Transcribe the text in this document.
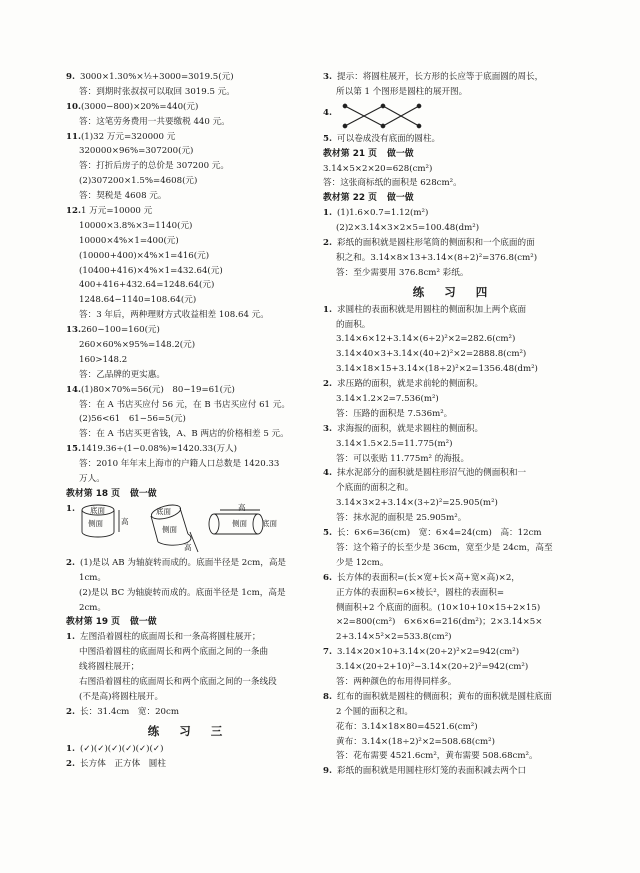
9. 3000×1.30%×½+3000=3019.5(元)
答：到期时张叔叔可以取回 3019.5 元。
10.(3000−800)×20%=440(元)
答：这笔劳务费用一共要缴税 440 元。
11.(1)32 万元=320000 元
320000×96%=307200(元)
答：打折后房子的总价是 307200 元。
(2)307200×1.5%=4608(元)
答：契税是 4608 元。
12.1 万元=10000 元
10000×3.8%×3=1140(元)
10000×4%×1=400(元)
(10000+400)×4%×1=416(元)
(10400+416)×4%×1=432.64(元)
400+416+432.64=1248.64(元)
1248.64−1140=108.64(元)
答：3 年后，两种理财方式收益相差 108.64 元。
13.260−100=160(元)
260×60%×95%=148.2(元)
160>148.2
答：乙品牌的更实惠。
14.(1)80×70%=56(元)　80−19=61(元)
答：在 A 书店买应付 56 元，在 B 书店买应付 61 元。
(2)56<61　61−56=5(元)
答：在 A 书店买更省钱，A、B 两店的价格相差 5 元。
15.1419.36÷(1−0.08%)≈1420.33(万人)
答：2010 年年末上海市的户籍人口总数是 1420.33
万人。
教材第 18 页 做一做
1.	底面
侧面 高
底面
侧面
高
高
侧面 底面
2. (1)是以 AB 为轴旋转而成的。底面半径是 2cm，高是
1cm。
(2)是以 BC 为轴旋转而成的。底面半径是 1cm，高是
2cm。
教材第 19 页 做一做
1. 左图沿着圆柱的底面周长和一条高将圆柱展开；
中图沿着圆柱的底面周长和两个底面之间的一条曲
线将圆柱展开；
右图沿着圆柱的底面周长和两个底面之间的一条线段
(不是高)将圆柱展开。
2. 长：31.4cm　宽：20cm
练 习 三
1. (✓)(✓)(✓)(✓)(✓)(✓)
2. 长方体　正方体　圆柱
3. 提示：将圆柱展开，长方形的长应等于底面圆的周长，
所以第 1 个图形是圆柱的展开图。
4.
5. 可以卷成没有底面的圆柱。
教材第 21 页 做一做
3.14×5×2×20=628(cm²)
答：这张商标纸的面积是 628cm²。
教材第 22 页 做一做
1. (1)1.6×0.7=1.12(m²)
(2)2×3.14×3×2×5=100.48(dm²)
2. 彩纸的面积就是圆柱形笔筒的侧面积和一个底面的面
积之和。3.14×8×13+3.14×(8÷2)²=376.8(cm²)
答：至少需要用 376.8cm² 彩纸。
练 习 四
1. 求圆柱的表面积就是用圆柱的侧面积加上两个底面
的面积。
3.14×6×12+3.14×(6÷2)²×2=282.6(cm²)
3.14×40×3+3.14×(40÷2)²×2=2888.8(cm²)
3.14×18×15+3.14×(18÷2)²×2=1356.48(dm²)
2. 求压路的面积，就是求前轮的侧面积。
3.14×1.2×2=7.536(m²)
答：压路的面积是 7.536m²。
3. 求海报的面积，就是求圆柱的侧面积。
3.14×1.5×2.5=11.775(m²)
答：可以张贴 11.775m² 的海报。
4. 抹水泥部分的面积就是圆柱形沼气池的侧面积和一
个底面的面积之和。
3.14×3×2+3.14×(3÷2)²=25.905(m²)
答：抹水泥的面积是 25.905m²。
5. 长：6×6=36(cm)　宽：6×4=24(cm)　高：12cm
答：这个箱子的长至少是 36cm，宽至少是 24cm，高至
少是 12cm。
6. 长方体的表面积=(长×宽+长×高+宽×高)×2，
正方体的表面积=6×棱长²，圆柱的表面积=
侧面积+2 个底面的面积。(10×10+10×15+2×15)
×2=800(cm²)　6×6×6=216(dm²)；2×3.14×5×
2+3.14×5²×2=533.8(cm²)
7. 3.14×20×10+3.14×(20÷2)²×2=942(cm²)
3.14×(20÷2+10)²−3.14×(20÷2)²=942(cm²)
答：两种颜色的布用得同样多。
8. 红布的面积就是圆柱的侧面积；黄布的面积就是圆柱底面
2 个圆的面积之和。
花布：3.14×18×80=4521.6(cm²)
黄布：3.14×(18÷2)²×2=508.68(cm²)
答：花布需要 4521.6cm²，黄布需要 508.68cm²。
9. 彩纸的面积就是用圆柱形灯笼的表面积减去两个口
